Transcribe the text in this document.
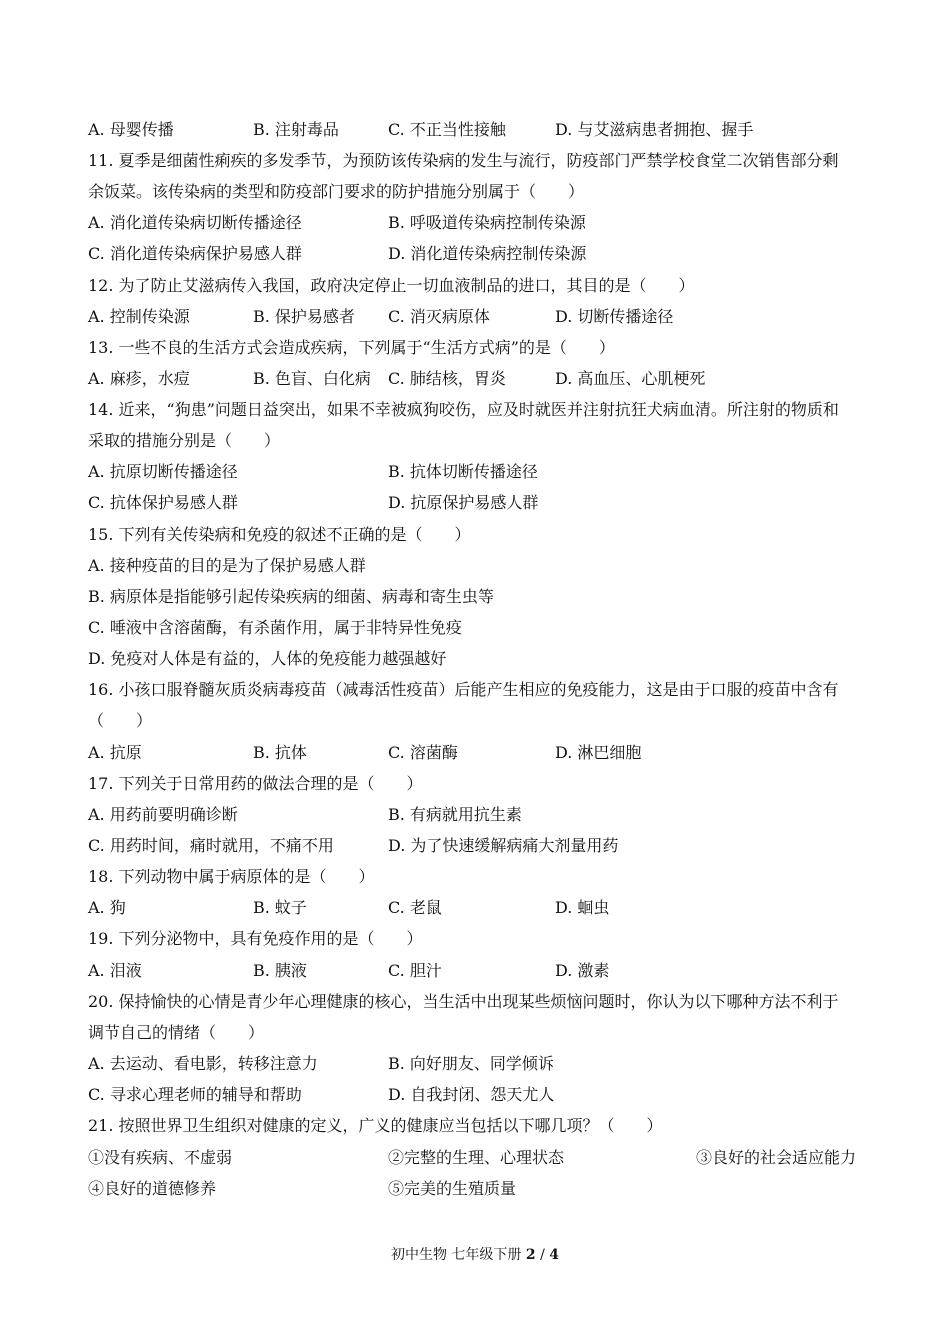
A. 母婴传播	B. 注射毒品	C. 不正当性接触	D. 与艾滋病患者拥抱、握手
11. 夏季是细菌性痢疾的多发季节，为预防该传染病的发生与流行，防疫部门严禁学校食堂二次销售部分剩
余饭菜。该传染病的类型和防疫部门要求的防护措施分别属于（　　）
A. 消化道传染病切断传播途径	B. 呼吸道传染病控制传染源
C. 消化道传染病保护易感人群	D. 消化道传染病控制传染源
12. 为了防止艾滋病传入我国，政府决定停止一切血液制品的进口，其目的是（　　）
A. 控制传染源	B. 保护易感者 C. 消灭病原体	D. 切断传播途径
13. 一些不良的生活方式会造成疾病，下列属于“生活方式病”的是（　　）
A. 麻疹，水痘	B. 色盲、白化病 C. 肺结核，胃炎	D. 高血压、心肌梗死
14. 近来，“狗患”问题日益突出，如果不幸被疯狗咬伤，应及时就医并注射抗狂犬病血清。所注射的物质和
采取的措施分别是（　　）
A. 抗原切断传播途径	B. 抗体切断传播途径
C. 抗体保护易感人群	D. 抗原保护易感人群
15. 下列有关传染病和免疫的叙述不正确的是（　　）
A. 接种疫苗的目的是为了保护易感人群
B. 病原体是指能够引起传染疾病的细菌、病毒和寄生虫等
C. 唾液中含溶菌酶，有杀菌作用，属于非特异性免疫
D. 免疫对人体是有益的，人体的免疫能力越强越好
16. 小孩口服脊髓灰质炎病毒疫苗（减毒活性疫苗）后能产生相应的免疫能力，这是由于口服的疫苗中含有
（　　）
A. 抗原	B. 抗体	C. 溶菌酶	D. 淋巴细胞
17. 下列关于日常用药的做法合理的是（　　）
A. 用药前要明确诊断	B. 有病就用抗生素
C. 用药时间，痛时就用，不痛不用	D. 为了快速缓解病痛大剂量用药
18. 下列动物中属于病原体的是（　　）
A. 狗	B. 蚊子	C. 老鼠	D. 蛔虫
19. 下列分泌物中，具有免疫作用的是（　　）
A. 泪液	B. 胰液	C. 胆汁	D. 激素
20. 保持愉快的心情是青少年心理健康的核心，当生活中出现某些烦恼问题时，你认为以下哪种方法不利于
调节自己的情绪（　　）
A. 去运动、看电影，转移注意力	B. 向好朋友、同学倾诉
C. 寻求心理老师的辅导和帮助	D. 自我封闭、怨天尤人
21. 按照世界卫生组织对健康的定义，广义的健康应当包括以下哪几项？（　　）
①没有疾病、不虚弱	②完整的生理、心理状态	③良好的社会适应能力
④良好的道德修养	⑤完美的生殖质量
初中生物 七年级下册 2 / 4
